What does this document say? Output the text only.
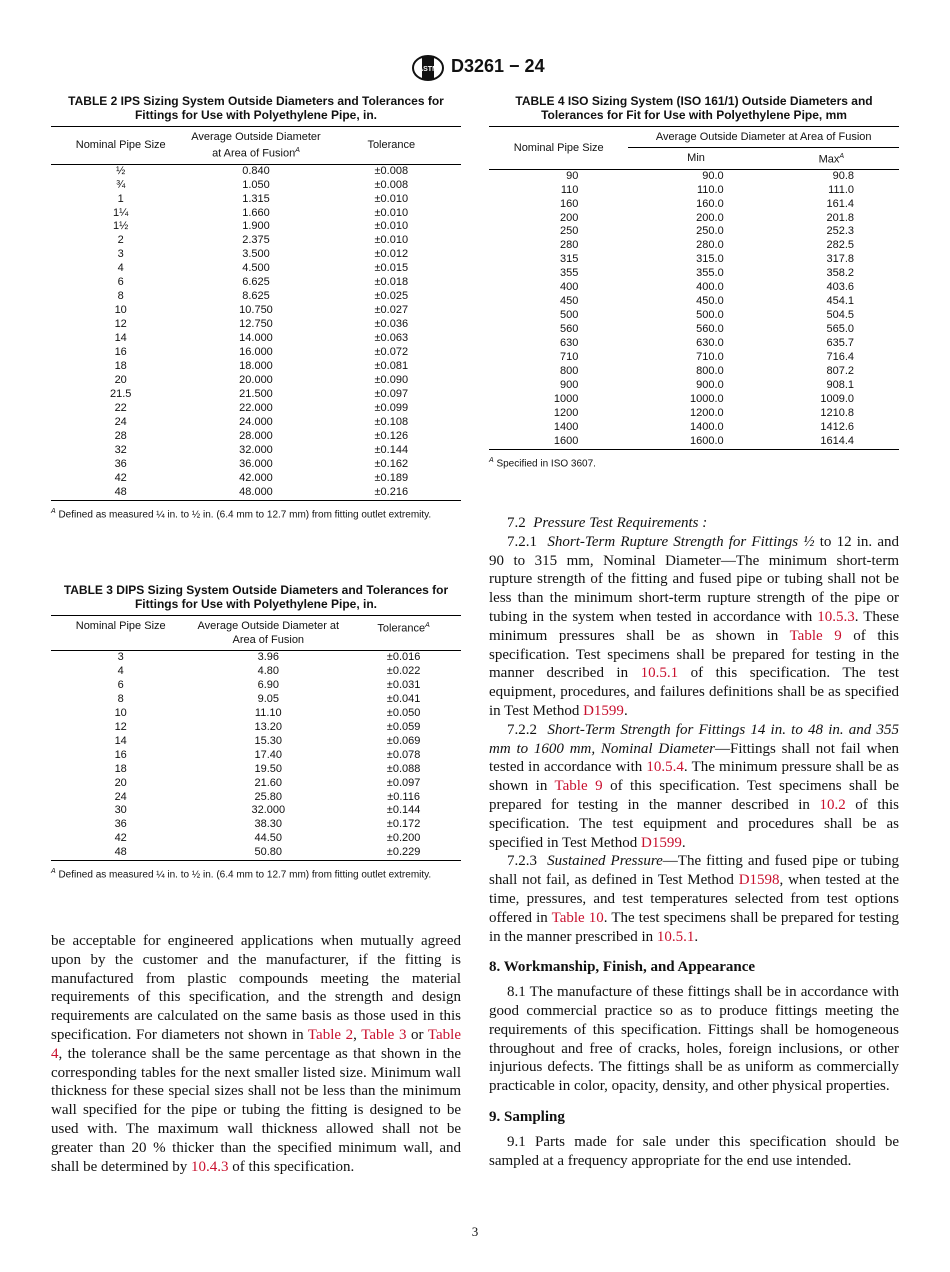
ASTM D3261 − 24
TABLE 2 IPS Sizing System Outside Diameters and Tolerances for Fittings for Use with Polyethylene Pipe, in.
Nominal Pipe Size	Average Outside Diameter at Area of Fusion$^A$	Tolerance
½	0.840	±0.008
¾	1.050	±0.008
1	1.315	±0.010
1¼	1.660	±0.010
1½	1.900	±0.010
2	2.375	±0.010
3	3.500	±0.012
4	4.500	±0.015
6	6.625	±0.018
8	8.625	±0.025
10	10.750	±0.027
12	12.750	±0.036
14	14.000	±0.063
16	16.000	±0.072
18	18.000	±0.081
20	20.000	±0.090
21.5	21.500	±0.097
22	22.000	±0.099
24	24.000	±0.108
28	28.000	±0.126
32	32.000	±0.144
36	36.000	±0.162
42	42.000	±0.189
48	48.000	±0.216
$^A$ Defined as measured ¼ in. to ½ in. (6.4 mm to 12.7 mm) from fitting outlet extremity.
TABLE 3 DIPS Sizing System Outside Diameters and Tolerances for Fittings for Use with Polyethylene Pipe, in.
Nominal Pipe Size	Average Outside Diameter at Area of Fusion	Tolerance$^A$
3	3.96	±0.016
4	4.80	±0.022
6	6.90	±0.031
8	9.05	±0.041
10	11.10	±0.050
12	13.20	±0.059
14	15.30	±0.069
16	17.40	±0.078
18	19.50	±0.088
20	21.60	±0.097
24	25.80	±0.116
30	32.000	±0.144
36	38.30	±0.172
42	44.50	±0.200
48	50.80	±0.229
$^A$ Defined as measured ¼ in. to ½ in. (6.4 mm to 12.7 mm) from fitting outlet extremity.

be acceptable for engineered applications when mutually agreed upon by the customer and the manufacturer, if the fitting is manufactured from plastic compounds meeting the material requirements of this specification, and the strength and design requirements are calculated on the same basis as those used in this specification. For diameters not shown in Table 2, Table 3 or Table 4, the tolerance shall be the same percentage as that shown in the corresponding tables for the next smaller listed size. Minimum wall thickness for these special sizes shall not be less than the minimum wall specified for the pipe or tubing the fitting is designed to be used with. The maximum wall thickness allowed shall not be greater than 20 % thicker than the specified minimum wall, and shall be determined by 10.4.3 of this specification.

TABLE 4 ISO Sizing System (ISO 161/1) Outside Diameters and Tolerances for Fit for Use with Polyethylene Pipe, mm
Nominal Pipe Size	Average Outside Diameter at Area of Fusion	
	Min	Max$^A$
90	90.0	90.8
110	110.0	111.0
160	160.0	161.4
200	200.0	201.8
250	250.0	252.3
280	280.0	282.5
315	315.0	317.8
355	355.0	358.2
400	400.0	403.6
450	450.0	454.1
500	500.0	504.5
560	560.0	565.0
630	630.0	635.7
710	710.0	716.4
800	800.0	807.2
900	900.0	908.1
1000	1000.0	1009.0
1200	1200.0	1210.8
1400	1400.0	1412.6
1600	1600.0	1614.4
$^A$ Specified in ISO 3607.

7.2 Pressure Test Requirements :

7.2.1 Short-Term Rupture Strength for Fittings ½ to 12 in. and 90 to 315 mm, Nominal Diameter—The minimum short-term rupture strength of the fitting and fused pipe or tubing shall not be less than the minimum short-term rupture strength of the pipe or tubing in the system when tested in accordance with 10.5.3. These minimum pressures shall be as shown in Table 9 of this specification. Test specimens shall be prepared for testing in the manner described in 10.5.1 of this specification. The test equipment, procedures, and failures definitions shall be as specified in Test Method D1599.

7.2.2 Short-Term Strength for Fittings 14 in. to 48 in. and 355 mm to 1600 mm, Nominal Diameter—Fittings shall not fail when tested in accordance with 10.5.4. The minimum pressure shall be as shown in Table 9 of this specification. Test specimens shall be prepared for testing in the manner described in 10.2 of this specification. The test equipment and procedures shall be as specified in Test Method D1599.

7.2.3 Sustained Pressure—The fitting and fused pipe or tubing shall not fail, as defined in Test Method D1598, when tested at the time, pressures, and test temperatures selected from test options offered in Table 10. The test specimens shall be prepared for testing in the manner prescribed in 10.5.1.

8. Workmanship, Finish, and Appearance

8.1 The manufacture of these fittings shall be in accordance with good commercial practice so as to produce fittings meeting the requirements of this specification. Fittings shall be homogeneous throughout and free of cracks, holes, foreign inclusions, or other injurious defects. The fittings shall be as uniform as commercially practicable in color, opacity, density, and other physical properties.

9. Sampling

9.1 Parts made for sale under this specification should be sampled at a frequency appropriate for the end use intended.

3
